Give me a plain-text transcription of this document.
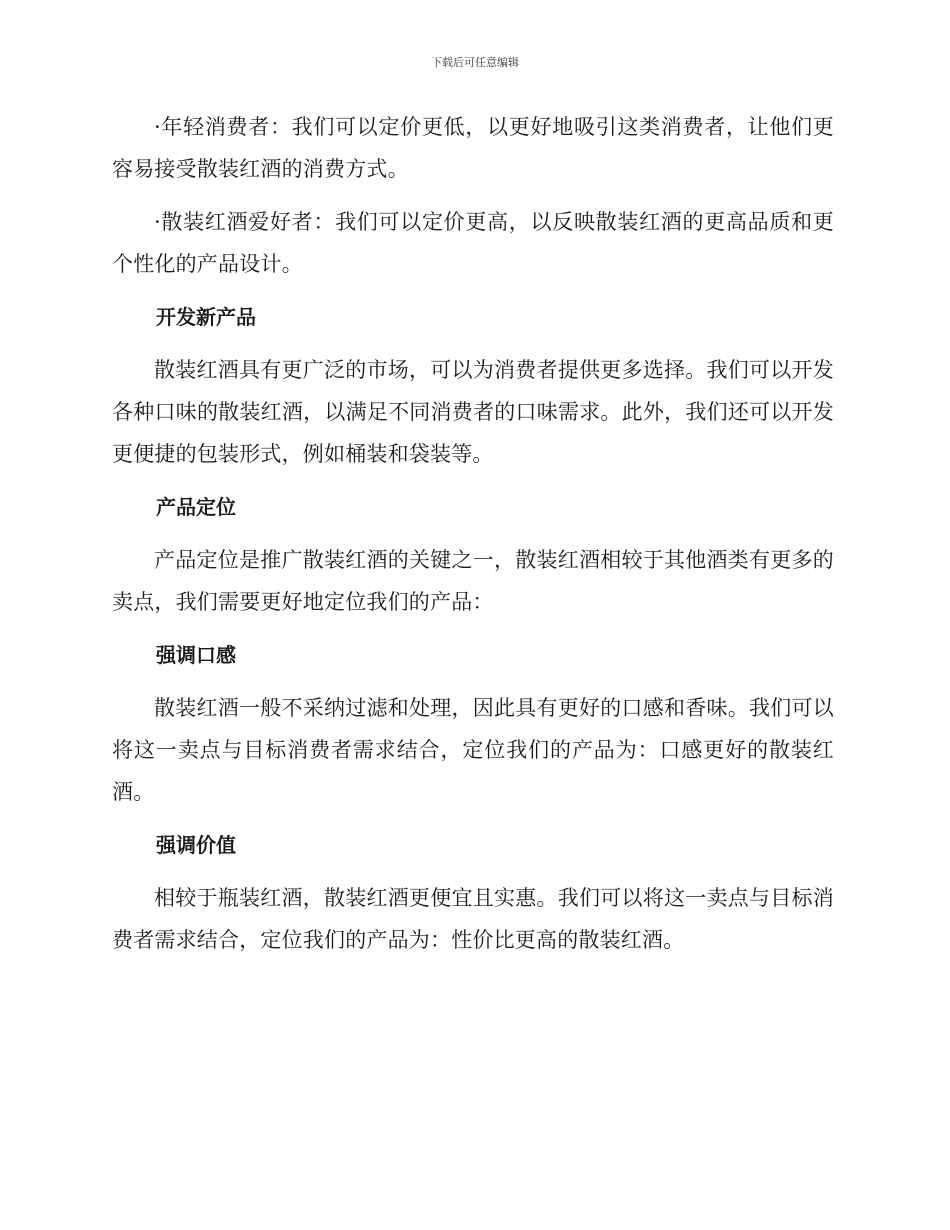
下载后可任意编辑

·年轻消费者：我们可以定价更低，以更好地吸引这类消费者，让他们更容易接受散装红酒的消费方式。

·散装红酒爱好者：我们可以定价更高，以反映散装红酒的更高品质和更个性化的产品设计。

开发新产品

散装红酒具有更广泛的市场，可以为消费者提供更多选择。我们可以开发各种口味的散装红酒，以满足不同消费者的口味需求。此外，我们还可以开发更便捷的包装形式，例如桶装和袋装等。

产品定位

产品定位是推广散装红酒的关键之一，散装红酒相较于其他酒类有更多的卖点，我们需要更好地定位我们的产品：

强调口感

散装红酒一般不采纳过滤和处理，因此具有更好的口感和香味。我们可以将这一卖点与目标消费者需求结合，定位我们的产品为：口感更好的散装红酒。

强调价值

相较于瓶装红酒，散装红酒更便宜且实惠。我们可以将这一卖点与目标消费者需求结合，定位我们的产品为：性价比更高的散装红酒。
